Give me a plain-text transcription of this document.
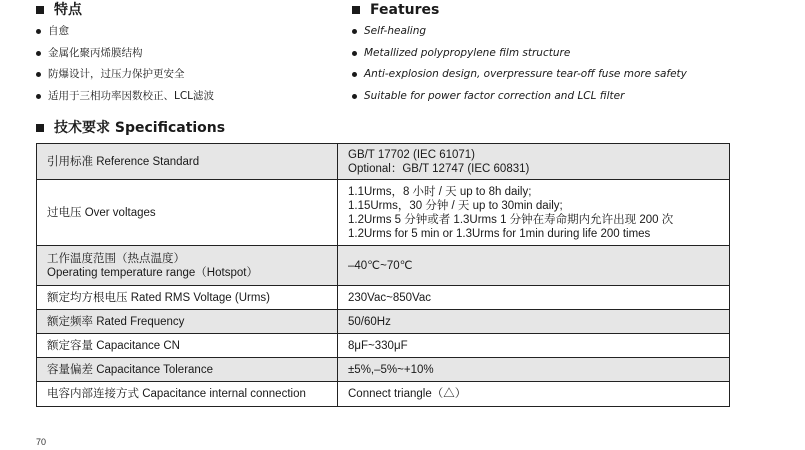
特点	Features
自愈
金属化聚丙烯膜结构
防爆设计，过压力保护更安全
适用于三相功率因数校正、LCL滤波
Self-healing
Metallized polypropylene film structure
Anti-explosion design, overpressure tear-off fuse more safety
Suitable for power factor correction and LCL filter
技术要求 Specifications
引用标准 Reference Standard	GB/T 17702 (IEC 61071)
Optional：GB/T 12747 (IEC 60831)

过电压 Over voltages	1.1Urms，8 小时 / 天 up to 8h daily;
1.15Urms，30 分钟 / 天 up to 30min daily;
1.2Urms 5 分钟或者 1.3Urms 1 分钟在寿命期内允许出现 200 次
1.2Urms for 5 min or 1.3Urms for 1min during life 200 times

工作温度范围（热点温度）
Operating temperature range（Hotspot）	–40℃~70℃

额定均方根电压 Rated RMS Voltage (Urms)	230Vac~850Vac

额定频率 Rated Frequency	50/60Hz

额定容量 Capacitance CN	8μF~330μF

容量偏差 Capacitance Tolerance	±5%,–5%~+10%

电容内部连接方式 Capacitance internal connection	Connect triangle（△）
70
